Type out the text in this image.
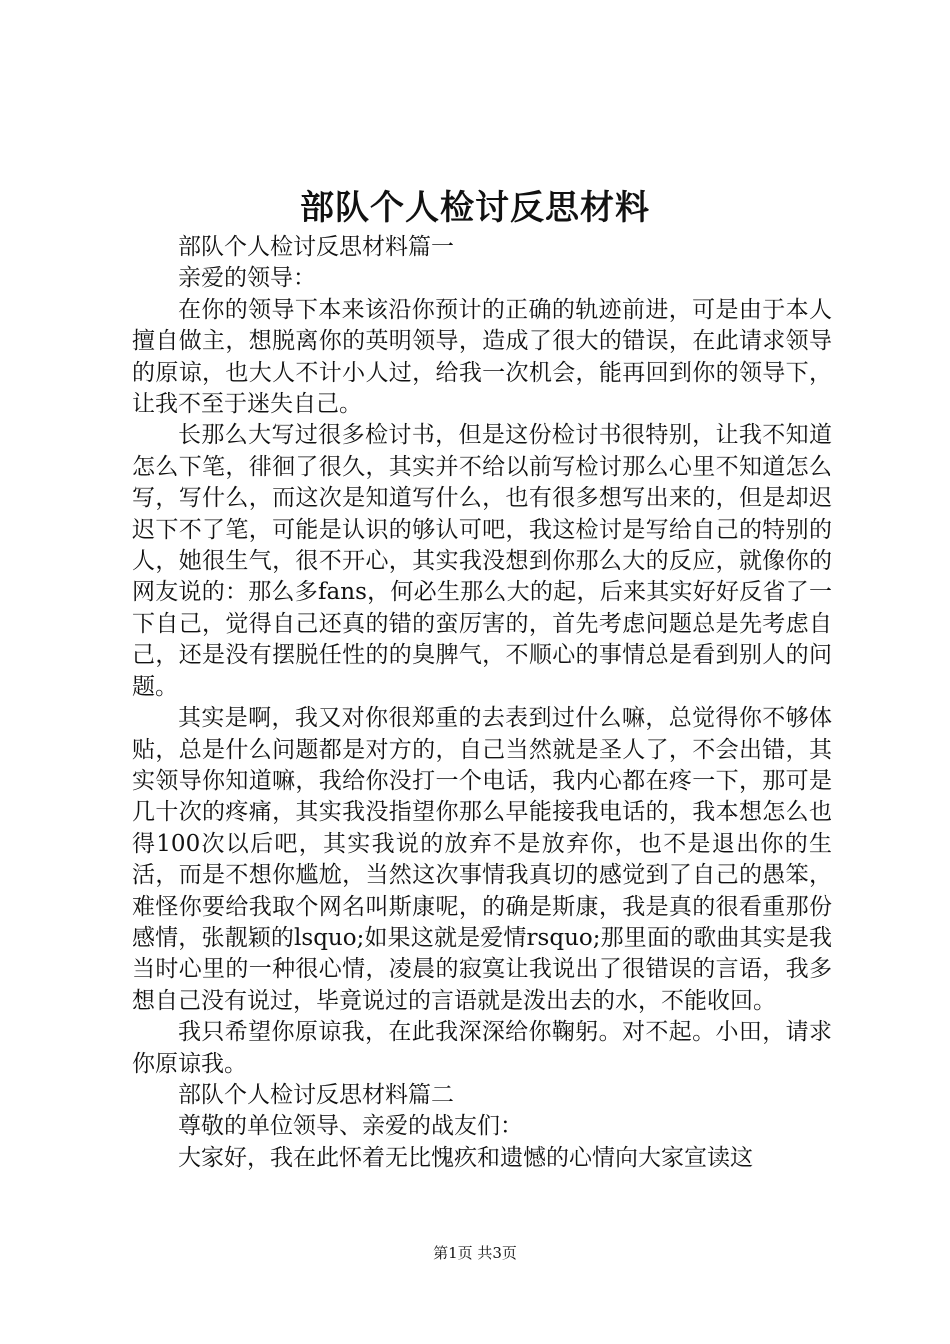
部队个人检讨反思材料

部队个人检讨反思材料篇一

亲爱的领导：

在你的领导下本来该沿你预计的正确的轨迹前进，可是由于本人擅自做主，想脱离你的英明领导，造成了很大的错误，在此请求领导的原谅，也大人不计小人过，给我一次机会，能再回到你的领导下，让我不至于迷失自己。

长那么大写过很多检讨书，但是这份检讨书很特别，让我不知道怎么下笔，徘徊了很久，其实并不给以前写检讨那么心里不知道怎么写，写什么，而这次是知道写什么，也有很多想写出来的，但是却迟迟下不了笔，可能是认识的够认可吧，我这检讨是写给自己的特别的人，她很生气，很不开心，其实我没想到你那么大的反应，就像你的网友说的：那么多fans，何必生那么大的起，后来其实好好反省了一下自己，觉得自己还真的错的蛮厉害的，首先考虑问题总是先考虑自己，还是没有摆脱任性的的臭脾气，不顺心的事情总是看到别人的问题。

其实是啊，我又对你很郑重的去表到过什么嘛，总觉得你不够体贴，总是什么问题都是对方的，自己当然就是圣人了，不会出错，其实领导你知道嘛，我给你没打一个电话，我内心都在疼一下，那可是几十次的疼痛，其实我没指望你那么早能接我电话的，我本想怎么也得100次以后吧，其实我说的放弃不是放弃你，也不是退出你的生活，而是不想你尴尬，当然这次事情我真切的感觉到了自己的愚笨，难怪你要给我取个网名叫斯康呢，的确是斯康，我是真的很看重那份感情，张靓颖的lsquo;如果这就是爱情rsquo;那里面的歌曲其实是我当时心里的一种很心情，凌晨的寂寞让我说出了很错误的言语，我多想自己没有说过，毕竟说过的言语就是泼出去的水，不能收回。

我只希望你原谅我，在此我深深给你鞠躬。对不起。小田，请求你原谅我。

部队个人检讨反思材料篇二

尊敬的单位领导、亲爱的战友们：

大家好，我在此怀着无比愧疚和遗憾的心情向大家宣读这

第1页 共3页
